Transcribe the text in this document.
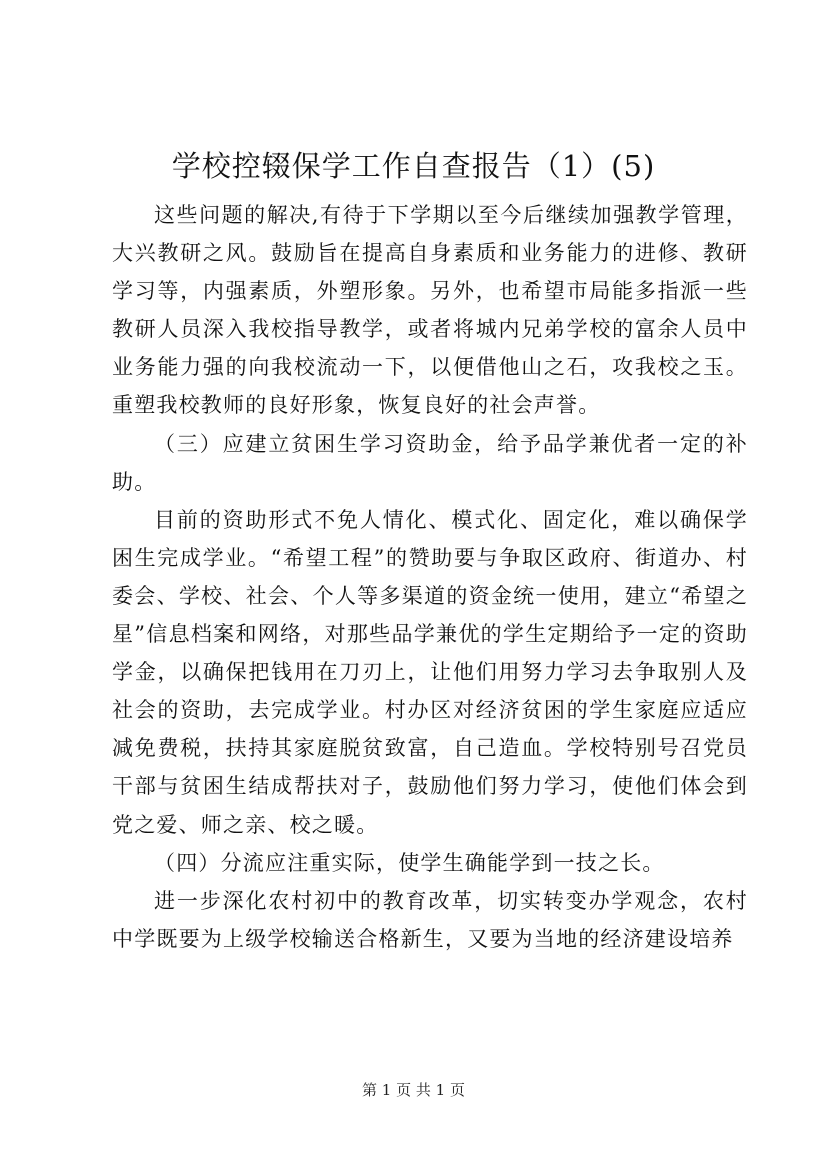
学校控辍保学工作自查报告（1）(5)

这些问题的解决,有待于下学期以至今后继续加强教学管理，大兴教研之风。鼓励旨在提高自身素质和业务能力的进修、教研学习等，内强素质，外塑形象。另外，也希望市局能多指派一些教研人员深入我校指导教学，或者将城内兄弟学校的富余人员中业务能力强的向我校流动一下，以便借他山之石，攻我校之玉。重塑我校教师的良好形象，恢复良好的社会声誉。

（三）应建立贫困生学习资助金，给予品学兼优者一定的补助。

目前的资助形式不免人情化、模式化、固定化，难以确保学困生完成学业。“希望工程”的赞助要与争取区政府、街道办、村委会、学校、社会、个人等多渠道的资金统一使用，建立“希望之星”信息档案和网络，对那些品学兼优的学生定期给予一定的资助学金，以确保把钱用在刀刃上，让他们用努力学习去争取别人及社会的资助，去完成学业。村办区对经济贫困的学生家庭应适应减免费税，扶持其家庭脱贫致富，自己造血。学校特别号召党员干部与贫困生结成帮扶对子，鼓励他们努力学习，使他们体会到党之爱、师之亲、校之暖。

（四）分流应注重实际，使学生确能学到一技之长。

进一步深化农村初中的教育改革，切实转变办学观念，农村中学既要为上级学校输送合格新生，又要为当地的经济建设培养

第 1 页 共 1 页
